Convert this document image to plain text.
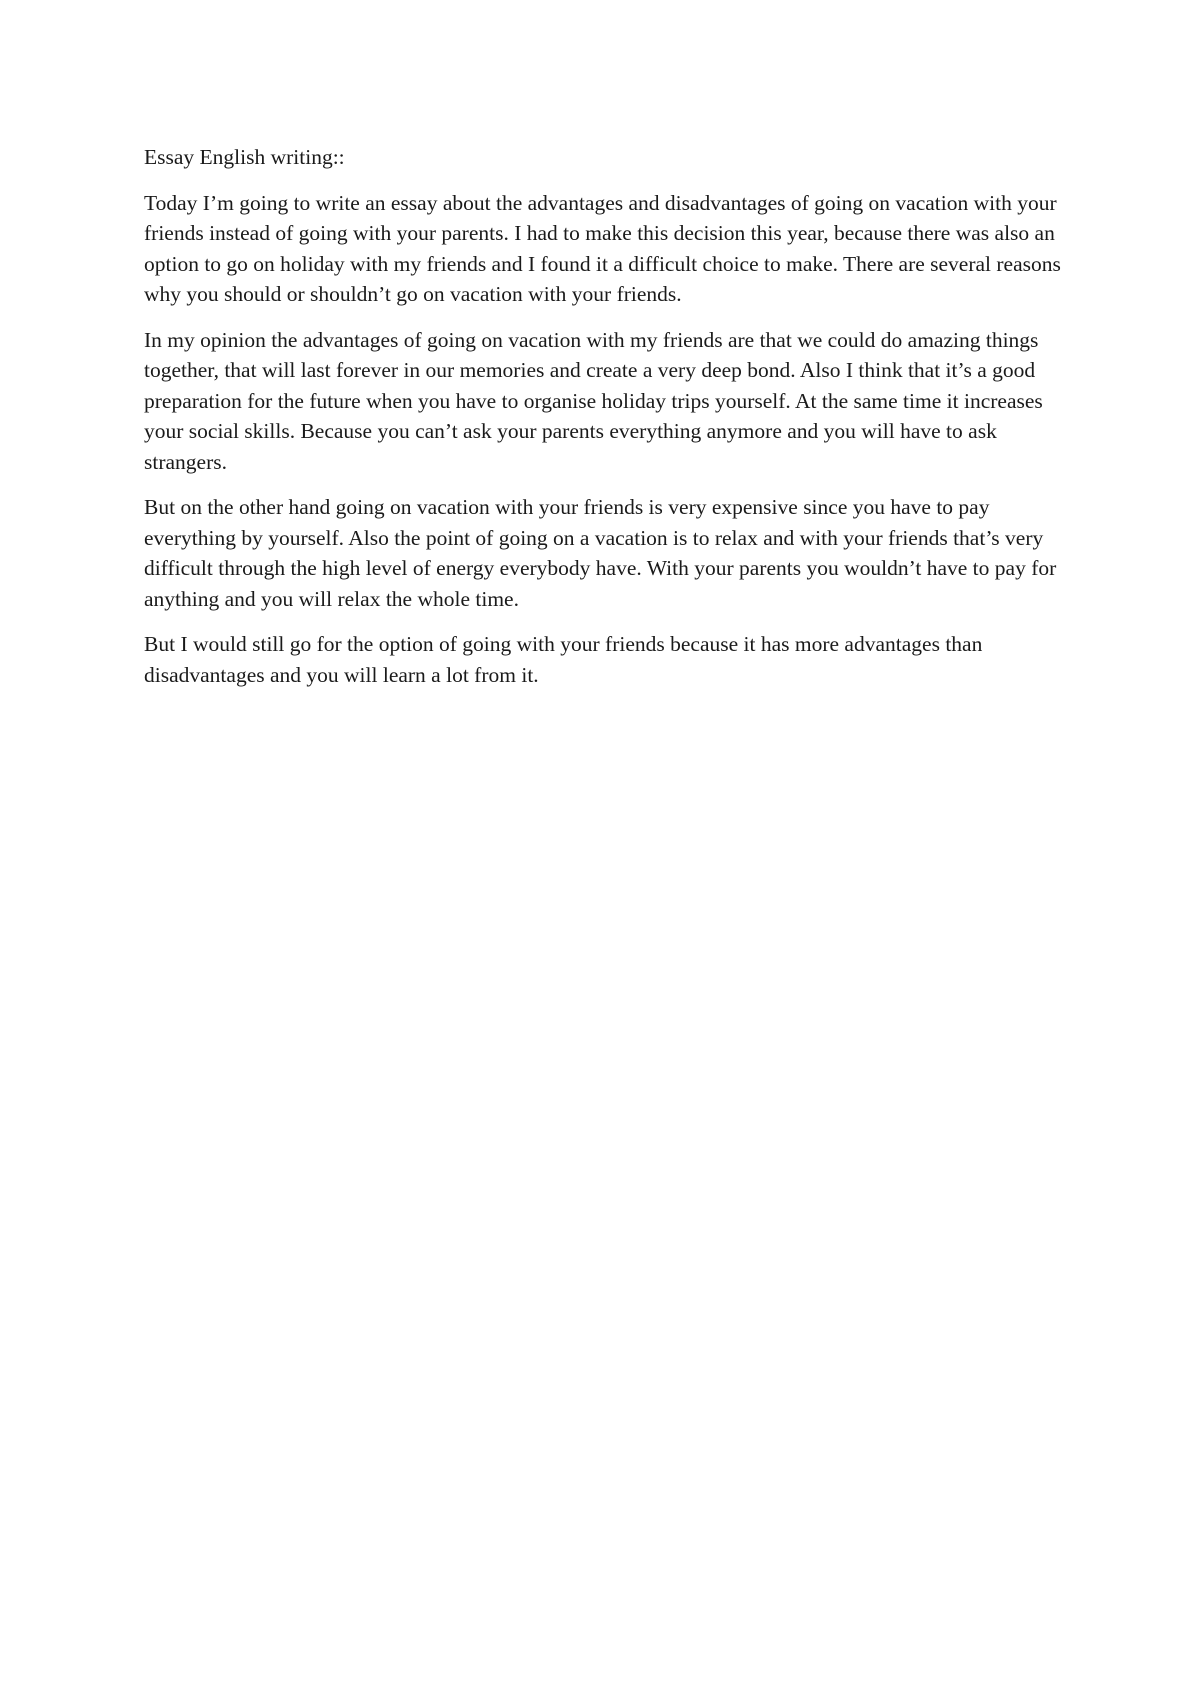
Essay English writing::

Today I’m going to write an essay about the advantages and disadvantages of going on vacation with your friends instead of going with your parents. I had to make this decision this year, because there was also an option to go on holiday with my friends and I found it a difficult choice to make. There are several reasons why you should or shouldn’t go on vacation with your friends.

In my opinion the advantages of going on vacation with my friends are that we could do amazing things together, that will last forever in our memories and create a very deep bond. Also I think that it’s a good preparation for the future when you have to organise holiday trips yourself. At the same time it increases your social skills. Because you can’t ask your parents everything anymore and you will have to ask strangers.

But on the other hand going on vacation with your friends is very expensive since you have to pay everything by yourself. Also the point of going on a vacation is to relax and with your friends that’s very difficult through the high level of energy everybody have. With your parents you wouldn’t have to pay for anything and you will relax the whole time.

But I would still go for the option of going with your friends because it has more advantages than disadvantages and you will learn a lot from it.
